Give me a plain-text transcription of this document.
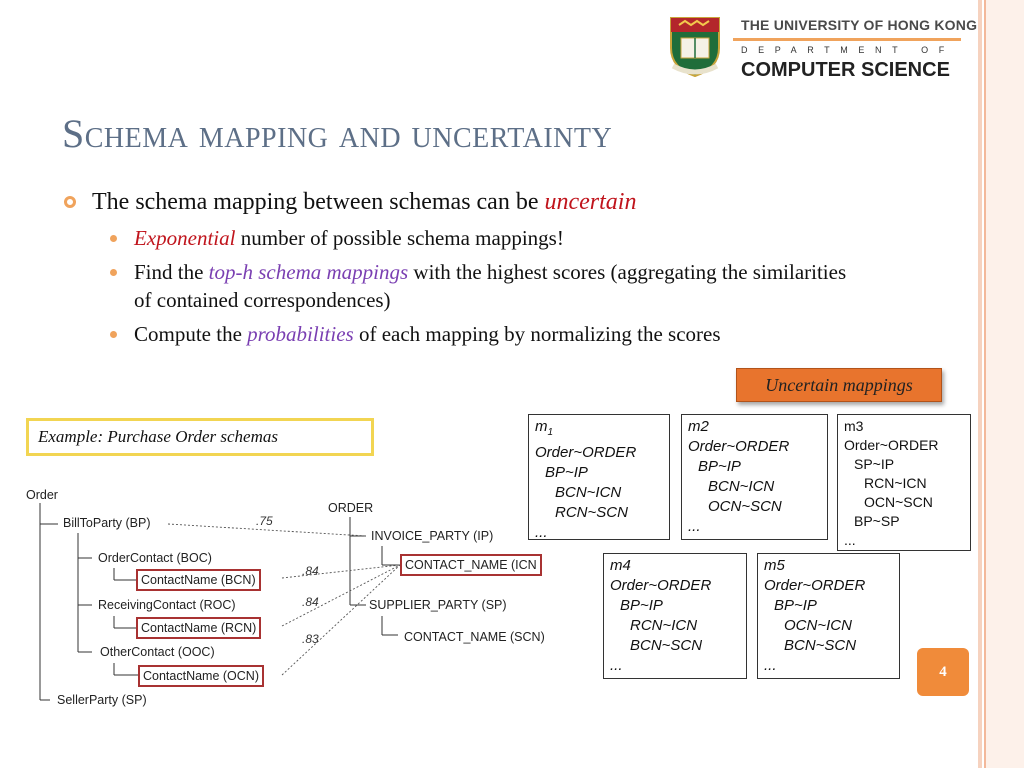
THE UNIVERSITY OF HONG KONG
DEPARTMENT OF
COMPUTER SCIENCE
Schema mapping and uncertainty
The schema mapping between schemas can be uncertain
Exponential number of possible schema mappings!
Find the top-h schema mappings with the highest scores (aggregating the similarities of contained correspondences)
Compute the probabilities of each mapping by normalizing the scores
Uncertain mappings
Example: Purchase Order schemas
Order
BillToParty (BP)
OrderContact (BOC)
ContactName (BCN)
ReceivingContact (ROC)
ContactName (RCN)
OtherContact (OOC)
ContactName (OCN)
SellerParty (SP)
ORDER
INVOICE_PARTY (IP)
CONTACT_NAME (ICN
SUPPLIER_PARTY (SP)
CONTACT_NAME (SCN)
.75
.84
.84
.83
$m_1$
Order~ORDER
BP~IP
BCN~ICN
RCN~SCN
...
m2
Order~ORDER
BP~IP
BCN~ICN
OCN~SCN
...
m3
Order~ORDER
SP~IP
RCN~ICN
OCN~SCN
BP~SP
...
m4
Order~ORDER
BP~IP
RCN~ICN
BCN~SCN
...
m5
Order~ORDER
BP~IP
OCN~ICN
BCN~SCN
...	4
